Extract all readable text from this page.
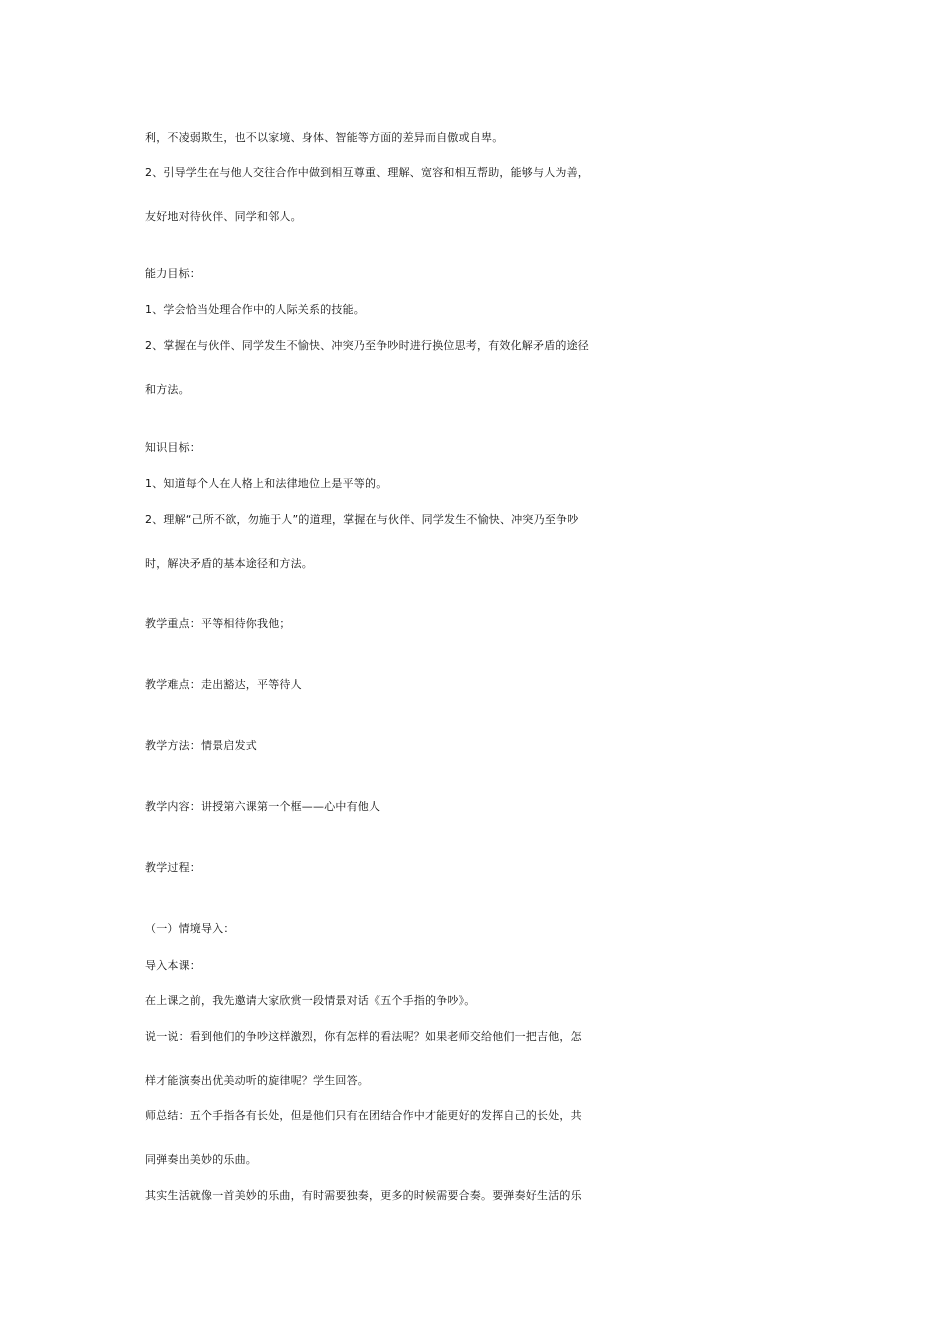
利，不凌弱欺生，也不以家境、身体、智能等方面的差异而自傲或自卑。
2、引导学生在与他人交往合作中做到相互尊重、理解、宽容和相互帮助，能够与人为善，
友好地对待伙伴、同学和邻人。
能力目标：
1、学会恰当处理合作中的人际关系的技能。
2、掌握在与伙伴、同学发生不愉快、冲突乃至争吵时进行换位思考，有效化解矛盾的途径
和方法。
知识目标：
1、知道每个人在人格上和法律地位上是平等的。
2、理解“己所不欲，勿施于人”的道理，掌握在与伙伴、同学发生不愉快、冲突乃至争吵
时，解决矛盾的基本途径和方法。
教学重点：平等相待你我他；
教学难点：走出豁达，平等待人
教学方法：情景启发式
教学内容：讲授第六课第一个框——心中有他人
教学过程：
（一）情境导入：
导入本课：
在上课之前，我先邀请大家欣赏一段情景对话《五个手指的争吵》。
说一说：看到他们的争吵这样激烈，你有怎样的看法呢？如果老师交给他们一把吉他，怎
样才能演奏出优美动听的旋律呢？学生回答。
师总结：五个手指各有长处，但是他们只有在团结合作中才能更好的发挥自己的长处，共
同弹奏出美妙的乐曲。
其实生活就像一首美妙的乐曲，有时需要独奏，更多的时候需要合奏。要弹奏好生活的乐
